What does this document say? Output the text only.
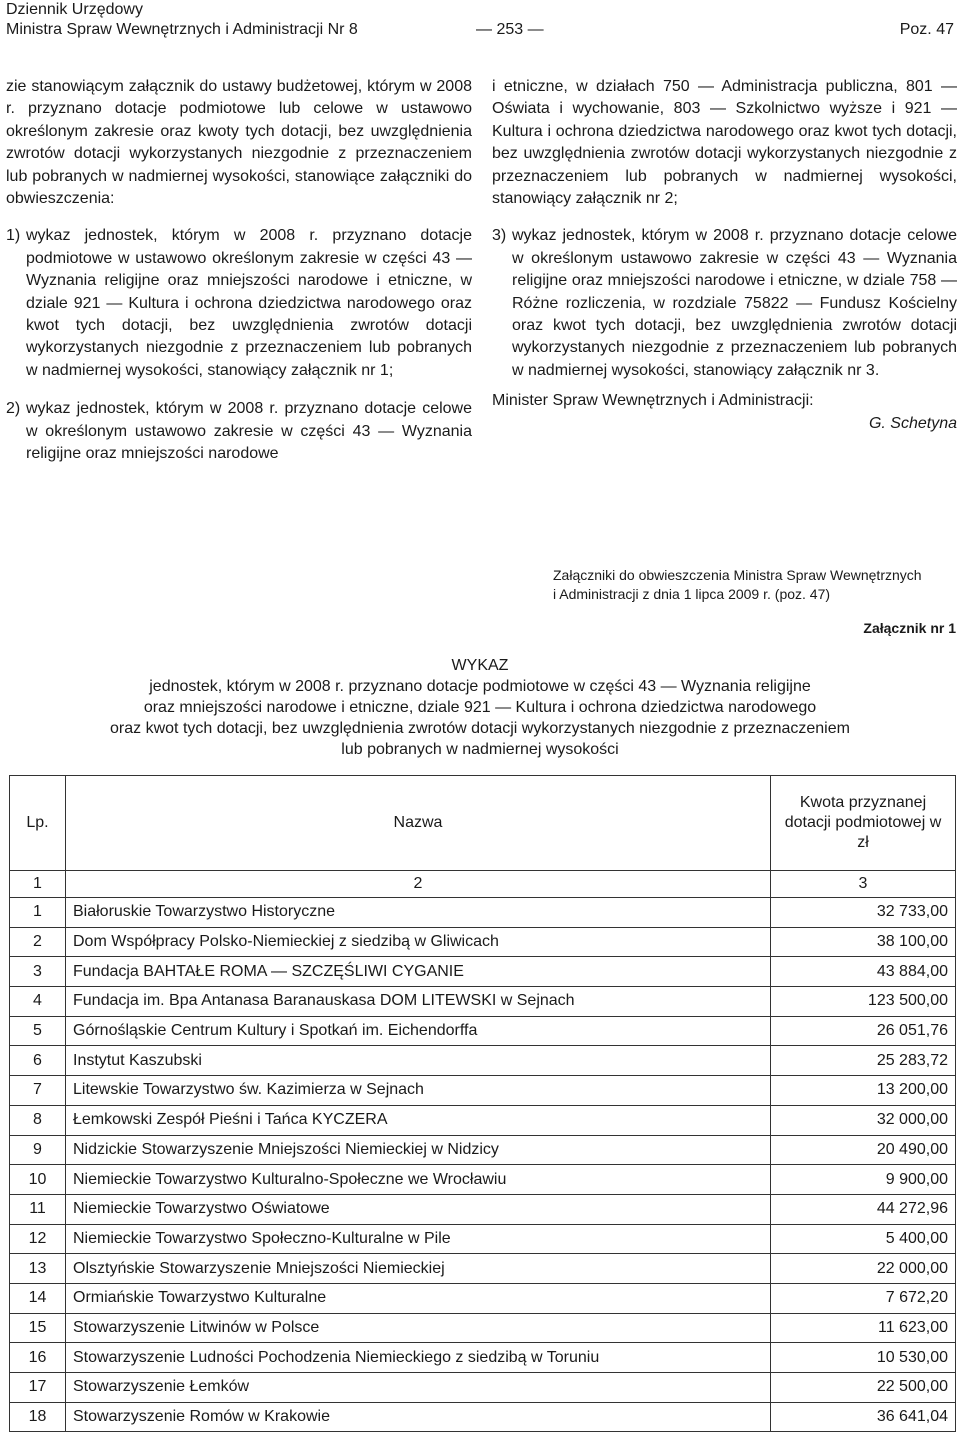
Dziennik Urzędowy
Ministra Spraw Wewnętrznych i Administracji Nr 8	Poz. 47
— 253 —

zie stanowiącym załącznik do ustawy budżetowej, którym w 2008 r. przyznano dotacje podmiotowe lub celowe w ustawowo określonym zakresie oraz kwoty tych dotacji, bez uwzględnienia zwrotów dotacji wykorzystanych niezgodnie z przeznaczeniem lub pobranych w nadmiernej wysokości, stanowiące załączniki do obwieszczenia:

1) wykaz jednostek, którym w 2008 r. przyznano dotacje podmiotowe w ustawowo określonym zakresie w części 43 — Wyznania religijne oraz mniejszości narodowe i etniczne, w dziale 921 — Kultura i ochrona dziedzictwa narodowego oraz kwot tych dotacji, bez uwzględnienia zwrotów dotacji wykorzystanych niezgodnie z przeznaczeniem lub pobranych w nadmiernej wysokości, stanowiący załącznik nr 1;
2) wykaz jednostek, którym w 2008 r. przyznano dotacje celowe w określonym ustawowo zakresie w części 43 — Wyznania religijne oraz mniejszości narodowe

i etniczne, w działach 750 — Administracja publiczna, 801 — Oświata i wychowanie, 803 — Szkolnictwo wyższe i 921 — Kultura i ochrona dziedzictwa narodowego oraz kwot tych dotacji, bez uwzględnienia zwrotów dotacji wykorzystanych niezgodnie z przeznaczeniem lub pobranych w nadmiernej wysokości, stanowiący załącznik nr 2;

3) wykaz jednostek, którym w 2008 r. przyznano dotacje celowe w określonym ustawowo zakresie w części 43 — Wyznania religijne oraz mniejszości narodowe i etniczne, w dziale 758 — Różne rozliczenia, w rozdziale 75822 — Fundusz Kościelny oraz kwot tych dotacji, bez uwzględnienia zwrotów dotacji wykorzystanych niezgodnie z przeznaczeniem lub pobranych w nadmiernej wysokości, stanowiący załącznik nr 3.
Minister Spraw Wewnętrznych i Administracji:
G. Schetyna
Załączniki do obwieszczenia Ministra Spraw Wewnętrznych
i Administracji z dnia 1 lipca 2009 r. (poz. 47)
Załącznik nr 1
WYKAZ
jednostek, którym w 2008 r. przyznano dotacje podmiotowe w części 43 — Wyznania religijne
oraz mniejszości narodowe i etniczne, dziale 921 — Kultura i ochrona dziedzictwa narodowego
oraz kwot tych dotacji, bez uwzględnienia zwrotów dotacji wykorzystanych niezgodnie z przeznaczeniem
lub pobranych w nadmiernej wysokości
Lp.	Nazwa	Kwota przyznanej dotacji podmiotowej w zł
1	2	3
1	Białoruskie Towarzystwo Historyczne	32 733,00
2	Dom Współpracy Polsko-Niemieckiej z siedzibą w Gliwicach	38 100,00
3	Fundacja BAHTAŁE ROMA — SZCZĘŚLIWI CYGANIE	43 884,00
4	Fundacja im. Bpa Antanasa Baranauskasa DOM LITEWSKI w Sejnach	123 500,00
5	Górnośląskie Centrum Kultury i Spotkań im. Eichendorffa	26 051,76
6	Instytut Kaszubski	25 283,72
7	Litewskie Towarzystwo św. Kazimierza w Sejnach	13 200,00
8	Łemkowski Zespół Pieśni i Tańca KYCZERA	32 000,00
9	Nidzickie Stowarzyszenie Mniejszości Niemieckiej w Nidzicy	20 490,00
10	Niemieckie Towarzystwo Kulturalno-Społeczne we Wrocławiu	9 900,00
11	Niemieckie Towarzystwo Oświatowe	44 272,96
12	Niemieckie Towarzystwo Społeczno-Kulturalne w Pile	5 400,00
13	Olsztyńskie Stowarzyszenie Mniejszości Niemieckiej	22 000,00
14	Ormiańskie Towarzystwo Kulturalne	7 672,20
15	Stowarzyszenie Litwinów w Polsce	11 623,00
16	Stowarzyszenie Ludności Pochodzenia Niemieckiego z siedzibą w Toruniu	10 530,00
17	Stowarzyszenie Łemków	22 500,00
18	Stowarzyszenie Romów w Krakowie	36 641,04
